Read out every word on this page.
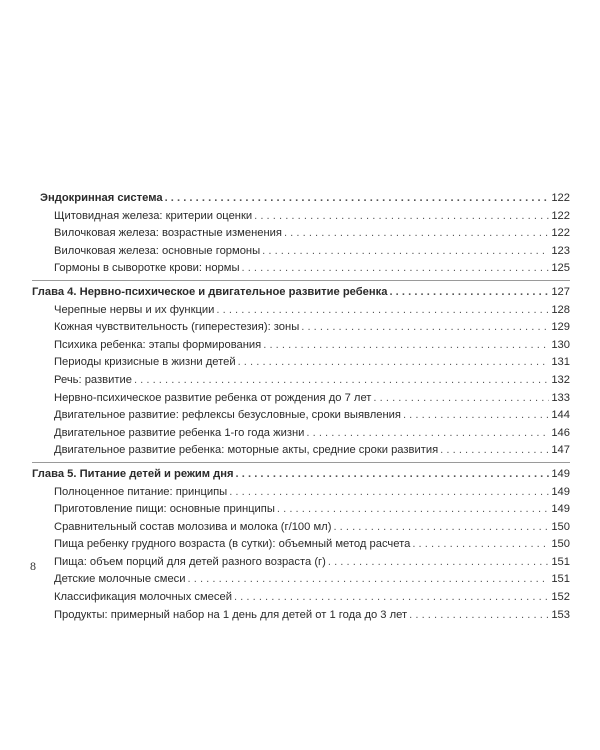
Эндокринная система . . .	122
Щитовидная железа: критерии оценки . . .	122
Вилочковая железа: возрастные изменения . . .	122
Вилочковая железа: основные гормоны . . .	123
Гормоны в сыворотке крови: нормы . . .	125
Глава 4. Нервно-психическое и двигательное развитие ребенка . . .	127
Черепные нервы и их функции . . .	128
Кожная чувствительность (гиперестезия): зоны . . .	129
Психика ребенка: этапы формирования . . .	130
Периоды кризисные в жизни детей . . .	131
Речь: развитие . . .	132
Нервно-психическое развитие ребенка от рождения до 7 лет . . .	133
Двигательное развитие: рефлексы безусловные, сроки выявления . . .	144
Двигательное развитие ребенка 1-го года жизни . . .	146
Двигательное развитие ребенка: моторные акты, средние сроки развития . . .	147
Глава 5. Питание детей и режим дня . . .	149
Полноценное питание: принципы . . .	149
Приготовление пищи: основные принципы . . .	149
Сравнительный состав молозива и молока (г/100 мл) . . .	150
Пища ребенку грудного возраста (в сутки): объемный метод расчета . . .	150
Пища: объем порций для детей разного возраста (г) . . .	151
Детские молочные смеси . . .	151
Классификация молочных смесей . . .	152
Продукты: примерный набор на 1 день для детей от 1 года до 3 лет . . .	153
8
